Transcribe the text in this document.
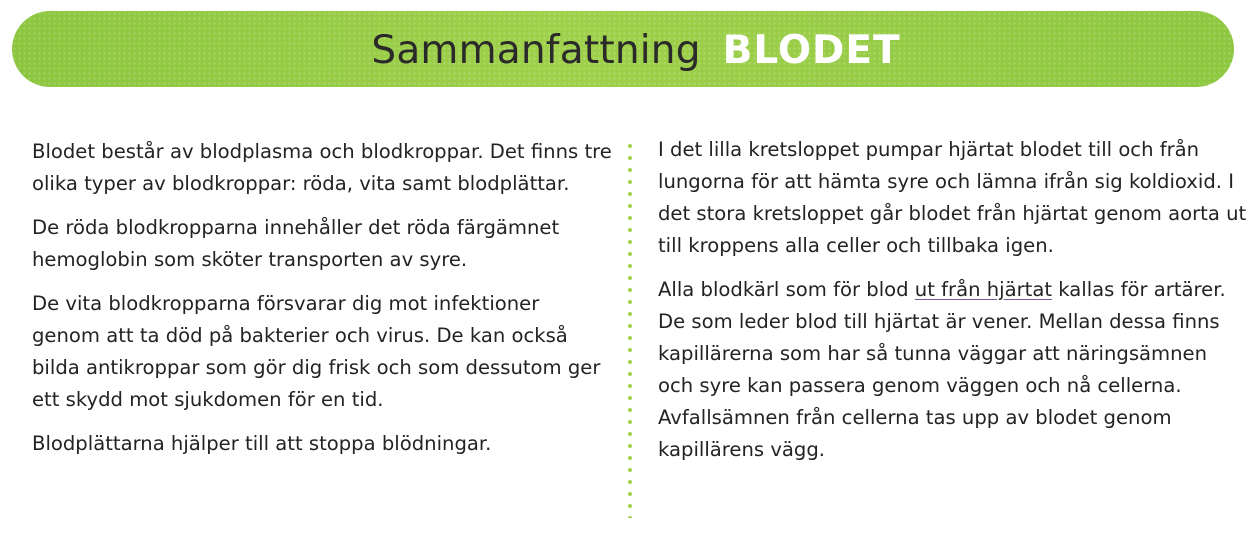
Sammanfattning BLODET

Blodet består av blodplasma och blodkroppar. Det finns tre olika typer av blodkroppar: röda, vita samt blodplättar.

De röda blodkropparna innehåller det röda färgämnet hemoglobin som sköter transporten av syre.

De vita blodkropparna försvarar dig mot infektioner genom att ta död på bakterier och virus. De kan också bilda antikroppar som gör dig frisk och som dessutom ger ett skydd mot sjukdomen för en tid.

Blodplättarna hjälper till att stoppa blödningar.

I det lilla kretsloppet pumpar hjärtat blodet till och från lungorna för att hämta syre och lämna ifrån sig koldioxid. I det stora kretsloppet går blodet från hjärtat genom aorta ut till kroppens alla celler och tillbaka igen.

Alla blodkärl som för blod ut från hjärtat kallas för artärer. De som leder blod till hjärtat är vener. Mellan dessa finns kapillärerna som har så tunna väggar att näringsämnen och syre kan passera genom väggen och nå cellerna. Avfallsämnen från cellerna tas upp av blodet genom kapillärens vägg.
